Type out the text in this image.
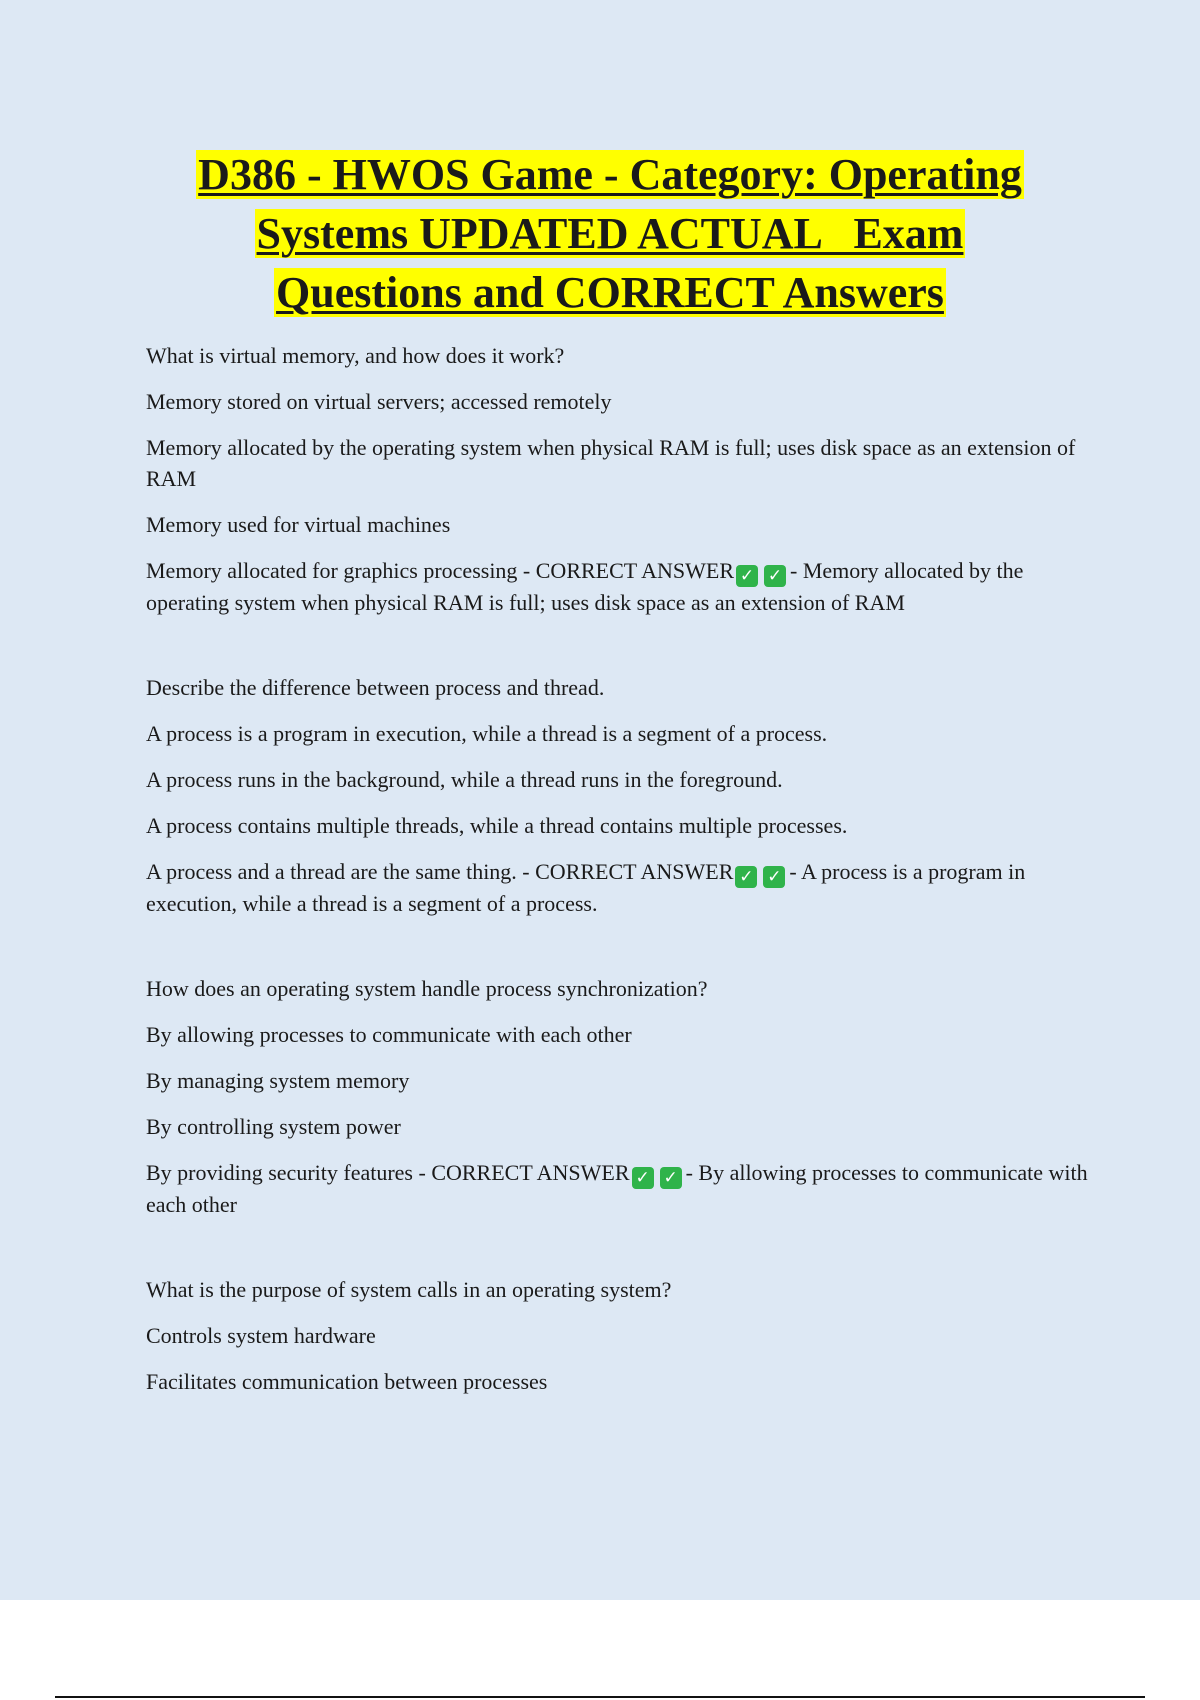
D386 - HWOS Game - Category: Operating
Systems UPDATED ACTUAL   Exam
Questions and CORRECT Answers

What is virtual memory, and how does it work?

Memory stored on virtual servers; accessed remotely

Memory allocated by the operating system when physical RAM is full; uses disk space as an extension of RAM

Memory used for virtual machines

Memory allocated for graphics processing - CORRECT ANSWER ✓ ✓ - Memory allocated by the operating system when physical RAM is full; uses disk space as an extension of RAM

Describe the difference between process and thread.

A process is a program in execution, while a thread is a segment of a process.

A process runs in the background, while a thread runs in the foreground.

A process contains multiple threads, while a thread contains multiple processes.

A process and a thread are the same thing. - CORRECT ANSWER ✓ ✓ - A process is a program in execution, while a thread is a segment of a process.

How does an operating system handle process synchronization?

By allowing processes to communicate with each other

By managing system memory

By controlling system power

By providing security features - CORRECT ANSWER ✓ ✓ - By allowing processes to communicate with each other

What is the purpose of system calls in an operating system?

Controls system hardware

Facilitates communication between processes
